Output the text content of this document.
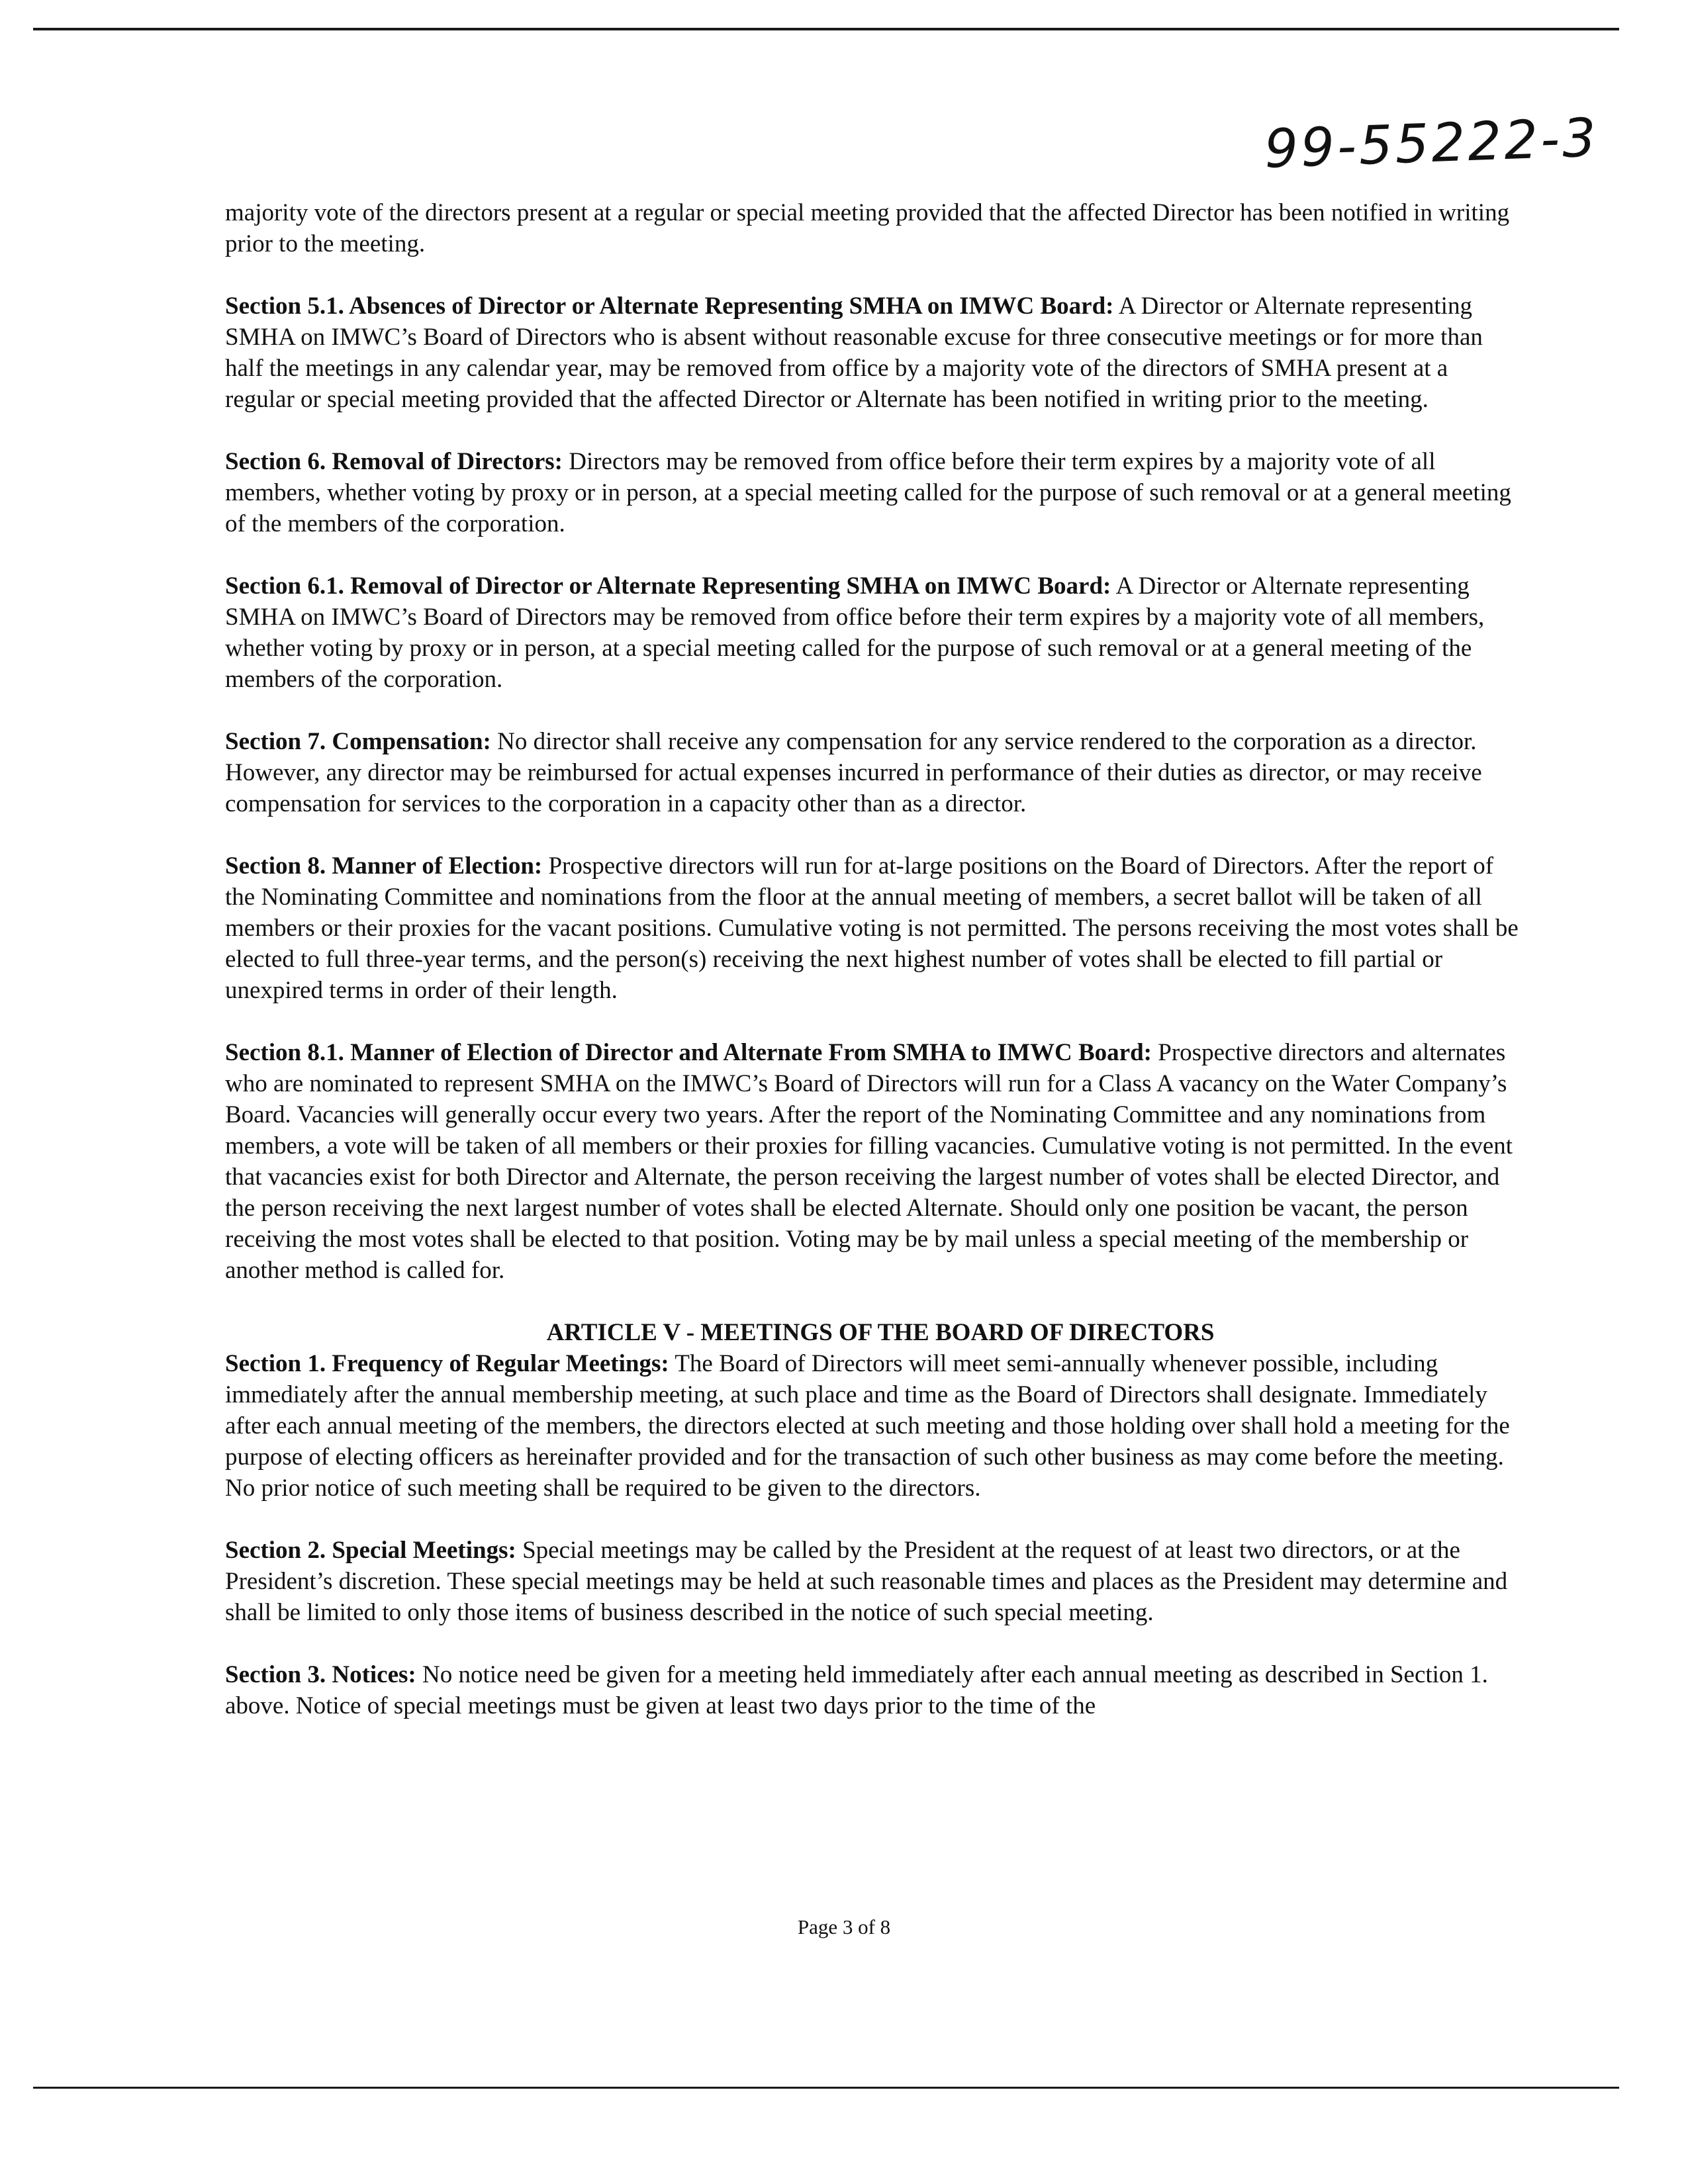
99-55222-3
majority vote of the directors present at a regular or special meeting provided that the affected Director has been notified in writing prior to the meeting.
Section 5.1. Absences of Director or Alternate Representing SMHA on IMWC Board: A Director or Alternate representing SMHA on IMWC’s Board of Directors who is absent without reasonable excuse for three consecutive meetings or for more than half the meetings in any calendar year, may be removed from office by a majority vote of the directors of SMHA present at a regular or special meeting provided that the affected Director or Alternate has been notified in writing prior to the meeting.
Section 6. Removal of Directors: Directors may be removed from office before their term expires by a majority vote of all members, whether voting by proxy or in person, at a special meeting called for the purpose of such removal or at a general meeting of the members of the corporation.
Section 6.1. Removal of Director or Alternate Representing SMHA on IMWC Board: A Director or Alternate representing SMHA on IMWC’s Board of Directors may be removed from office before their term expires by a majority vote of all members, whether voting by proxy or in person, at a special meeting called for the purpose of such removal or at a general meeting of the members of the corporation.
Section 7. Compensation: No director shall receive any compensation for any service rendered to the corporation as a director. However, any director may be reimbursed for actual expenses incurred in performance of their duties as director, or may receive compensation for services to the corporation in a capacity other than as a director.
Section 8. Manner of Election: Prospective directors will run for at-large positions on the Board of Directors. After the report of the Nominating Committee and nominations from the floor at the annual meeting of members, a secret ballot will be taken of all members or their proxies for the vacant positions. Cumulative voting is not permitted. The persons receiving the most votes shall be elected to full three-year terms, and the person(s) receiving the next highest number of votes shall be elected to fill partial or unexpired terms in order of their length.
Section 8.1. Manner of Election of Director and Alternate From SMHA to IMWC Board: Prospective directors and alternates who are nominated to represent SMHA on the IMWC’s Board of Directors will run for a Class A vacancy on the Water Company’s Board. Vacancies will generally occur every two years. After the report of the Nominating Committee and any nominations from members, a vote will be taken of all members or their proxies for filling vacancies. Cumulative voting is not permitted. In the event that vacancies exist for both Director and Alternate, the person receiving the largest number of votes shall be elected Director, and the person receiving the next largest number of votes shall be elected Alternate. Should only one position be vacant, the person receiving the most votes shall be elected to that position. Voting may be by mail unless a special meeting of the membership or another method is called for.
ARTICLE V - MEETINGS OF THE BOARD OF DIRECTORS
Section 1. Frequency of Regular Meetings: The Board of Directors will meet semi-annually whenever possible, including immediately after the annual membership meeting, at such place and time as the Board of Directors shall designate. Immediately after each annual meeting of the members, the directors elected at such meeting and those holding over shall hold a meeting for the purpose of electing officers as hereinafter provided and for the transaction of such other business as may come before the meeting. No prior notice of such meeting shall be required to be given to the directors.
Section 2. Special Meetings: Special meetings may be called by the President at the request of at least two directors, or at the President’s discretion. These special meetings may be held at such reasonable times and places as the President may determine and shall be limited to only those items of business described in the notice of such special meeting.
Section 3. Notices: No notice need be given for a meeting held immediately after each annual meeting as described in Section 1. above. Notice of special meetings must be given at least two days prior to the time of the
Page 3 of 8
